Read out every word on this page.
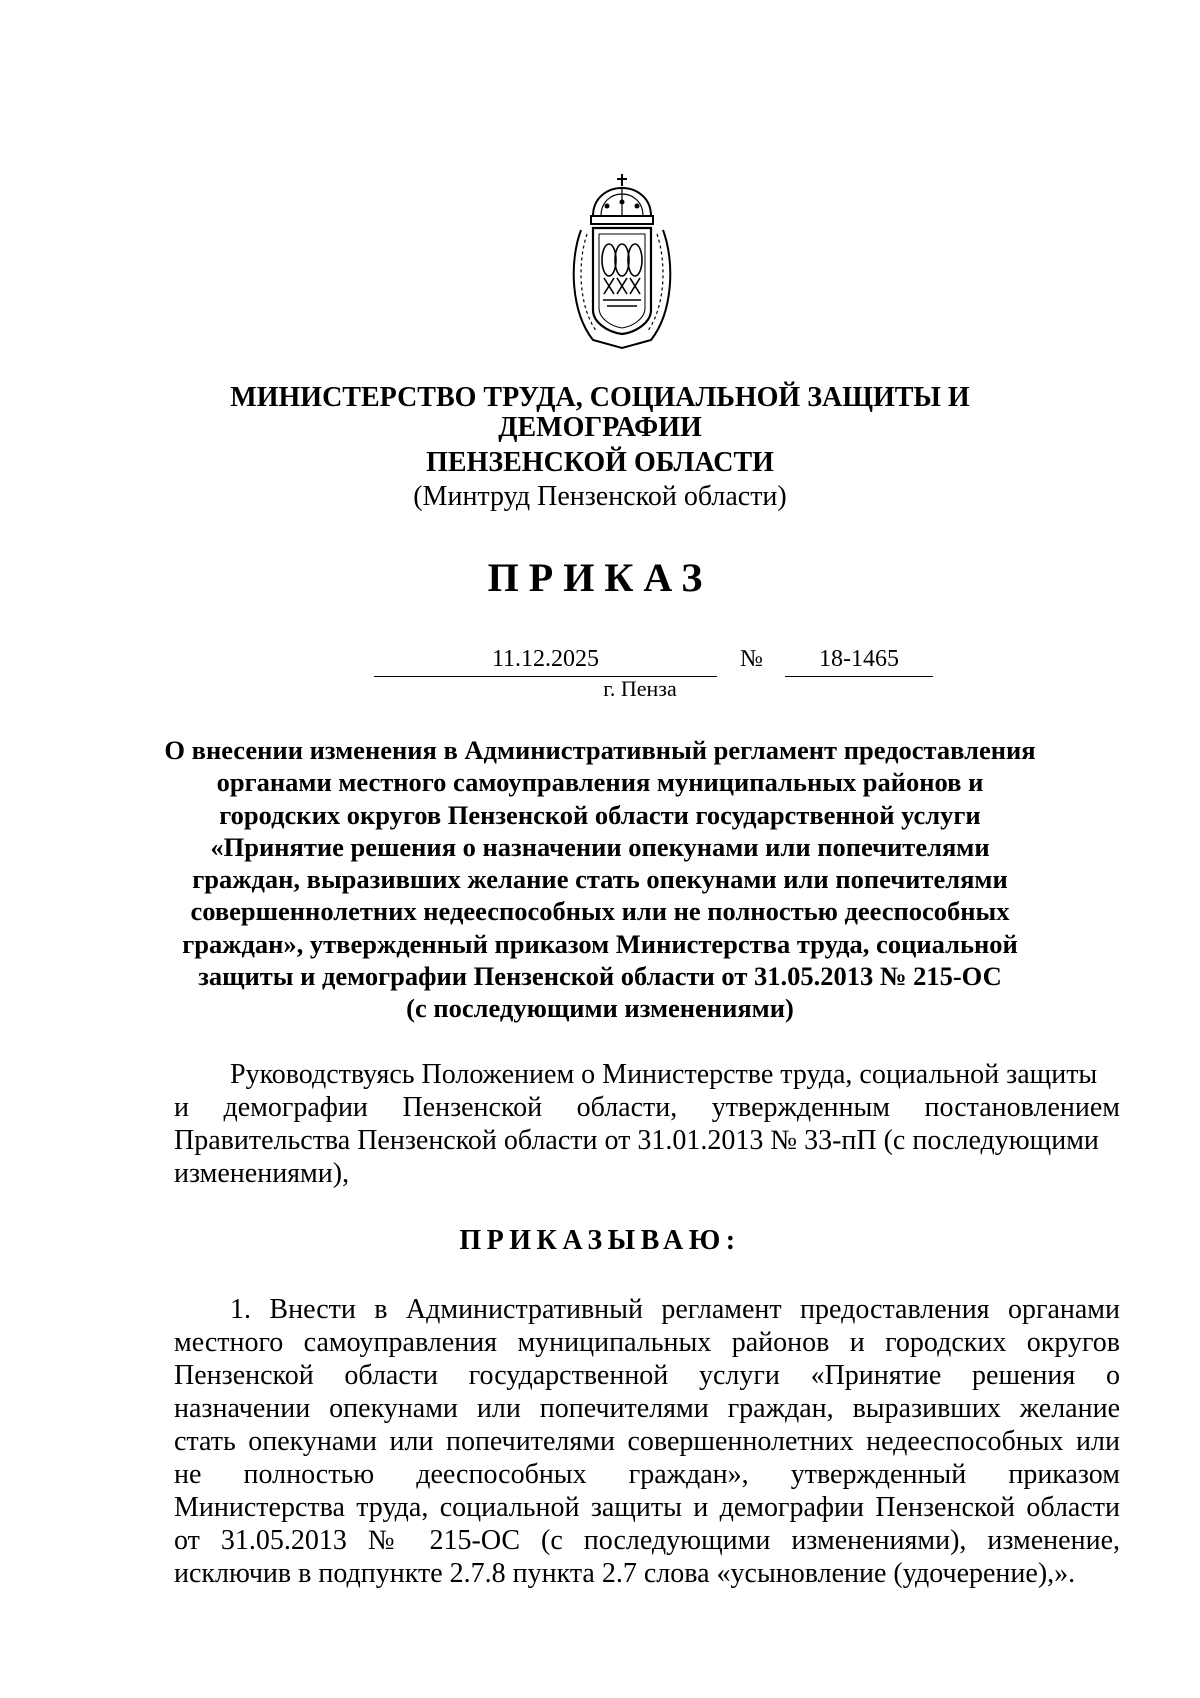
МИНИСТЕРСТВО ТРУДА, СОЦИАЛЬНОЙ ЗАЩИТЫ И
ДЕМОГРАФИИ
ПЕНЗЕНСКОЙ ОБЛАСТИ
(Минтруд Пензенской области)
ПРИКАЗ
11.12.2025	№	18-1465
г. Пенза
О внесении изменения в Административный регламент предоставления
органами местного самоуправления муниципальных районов и
городских округов Пензенской области государственной услуги
«Принятие решения о назначении опекунами или попечителями
граждан, выразивших желание стать опекунами или попечителями
совершеннолетних недееспособных или не полностью дееспособных
граждан», утвержденный приказом Министерства труда, социальной
защиты и демографии Пензенской области от 31.05.2013 № 215-ОС
(с последующими изменениями)
Руководствуясь Положением о Министерстве труда, социальной защиты
и демографии Пензенской области, утвержденным постановлением
Правительства Пензенской области от 31.01.2013 № 33-пП (с последующими
изменениями),
ПРИКАЗЫВАЮ:
1. Внести в Административный регламент предоставления органами
местного самоуправления муниципальных районов и городских округов
Пензенской области государственной услуги «Принятие решения о
назначении опекунами или попечителями граждан, выразивших желание
стать опекунами или попечителями совершеннолетних недееспособных или
не полностью дееспособных граждан», утвержденный приказом
Министерства труда, социальной защиты и демографии Пензенской области
от 31.05.2013 № 215-ОС (с последующими изменениями), изменение,
исключив в подпункте 2.7.8 пункта 2.7 слова «усыновление (удочерение),».
